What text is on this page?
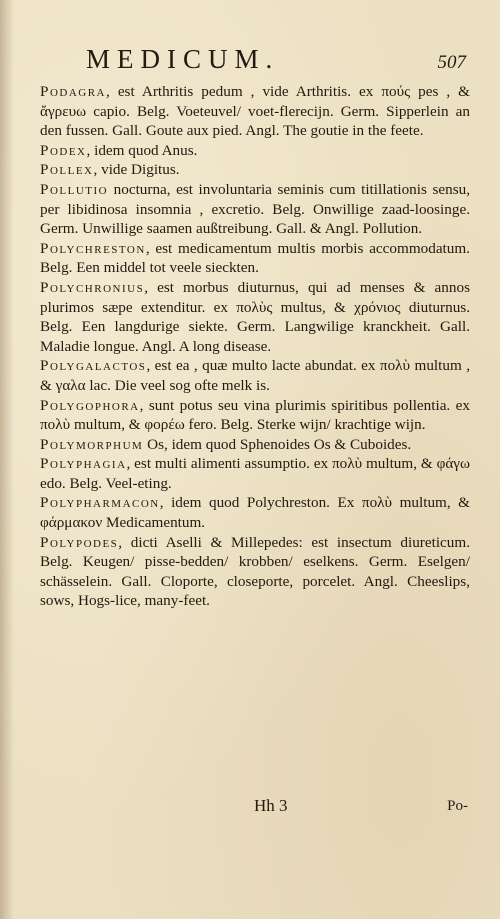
MEDICUM.	507

Podagra, est Arthritis pedum , vide Arthritis. ex πούς pes , & ἄγρευω capio. Belg. Voeteuvel/ voet-flerecijn. Germ. Sipperlein an den fussen. Gall. Goute aux pied. Angl. The goutie in the feete.

Podex, idem quod Anus.

Pollex, vide Digitus.

Pollutio nocturna, est involuntaria seminis cum titillationis sensu, per libidinosa insomnia , excretio. Belg. Onwillige zaad-loosinge. Germ. Unwillige saamen außtreibung. Gall. & Angl. Pollution.

Polychreston, est medicamentum multis morbis accommodatum. Belg. Een middel tot veele sieckten.

Polychronius, est morbus diuturnus, qui ad menses & annos plurimos sæpe extenditur. ex πολὺς multus, & χρόνιος diuturnus. Belg. Een langdurige siekte. Germ. Langwilige kranckheit. Gall. Maladie longue. Angl. A long disease.

Polygalactos, est ea , quæ multo lacte abundat. ex πολὺ multum , & γαλα lac. Die veel sog ofte melk is.

Polygophora, sunt potus seu vina plurimis spiritibus pollentia. ex πολὺ multum, & φορέω fero. Belg. Sterke wijn/ krachtige wijn.

Polymorphum Os, idem quod Sphenoides Os & Cuboides.

Polyphagia, est multi alimenti assumptio. ex πολὺ multum, & φάγω edo. Belg. Veel-eting.

Polypharmacon, idem quod Polychreston. Ex πολὺ multum, & φάρμακον Medicamentum.

Polypodes, dicti Aselli & Millepedes: est insectum diureticum. Belg. Keugen/ pisse-bedden/ krobben/ eselkens. Germ. Eselgen/ schässelein. Gall. Cloporte, closeporte, porcelet. Angl. Cheeslips, sows, Hogs-lice, many-feet.

Hh 3	Po-
